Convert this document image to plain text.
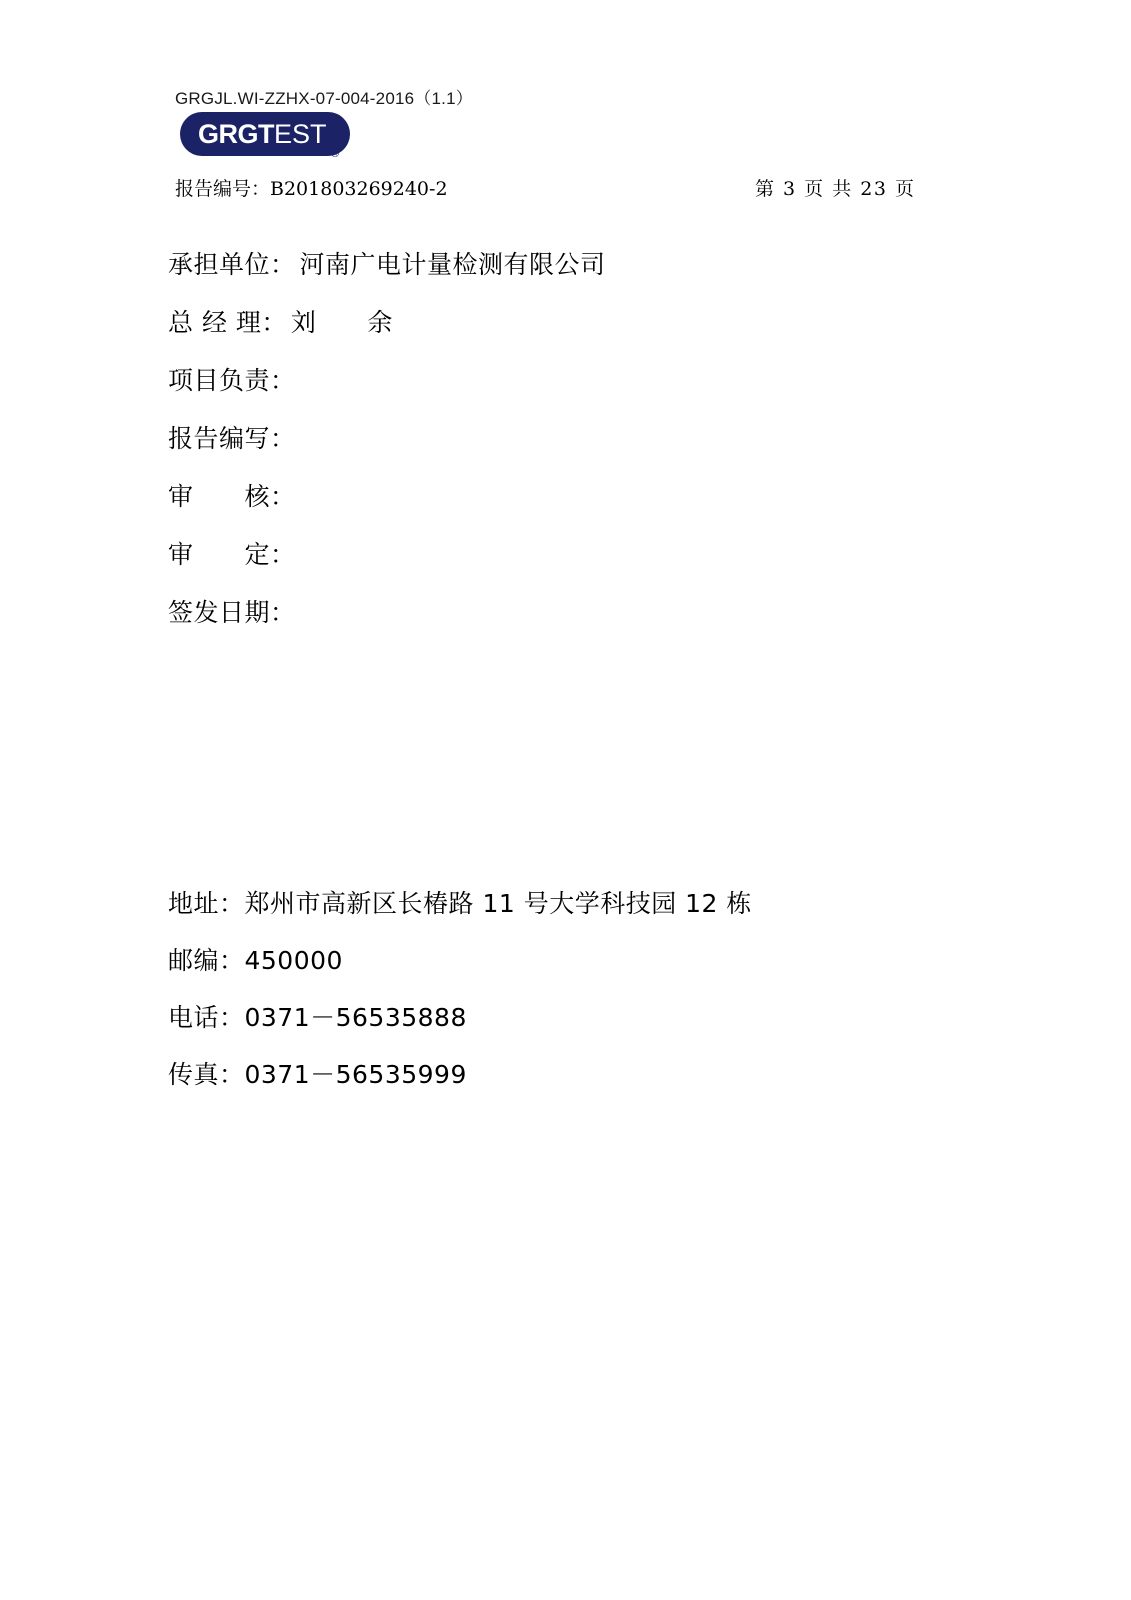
GRGJL.WI-ZZHX-07-004-2016（1.1）
GRGTEST
®
报告编号：B201803269240-2	第 3 页 共 23 页
承担单位： 河南广电计量检测有限公司
总 经 理： 刘　　余
项目负责：
报告编写：
审　　核：
审　　定：
签发日期：
地址：郑州市高新区长椿路 11 号大学科技园 12 栋
邮编：450000
电话：0371－56535888
传真：0371－56535999
